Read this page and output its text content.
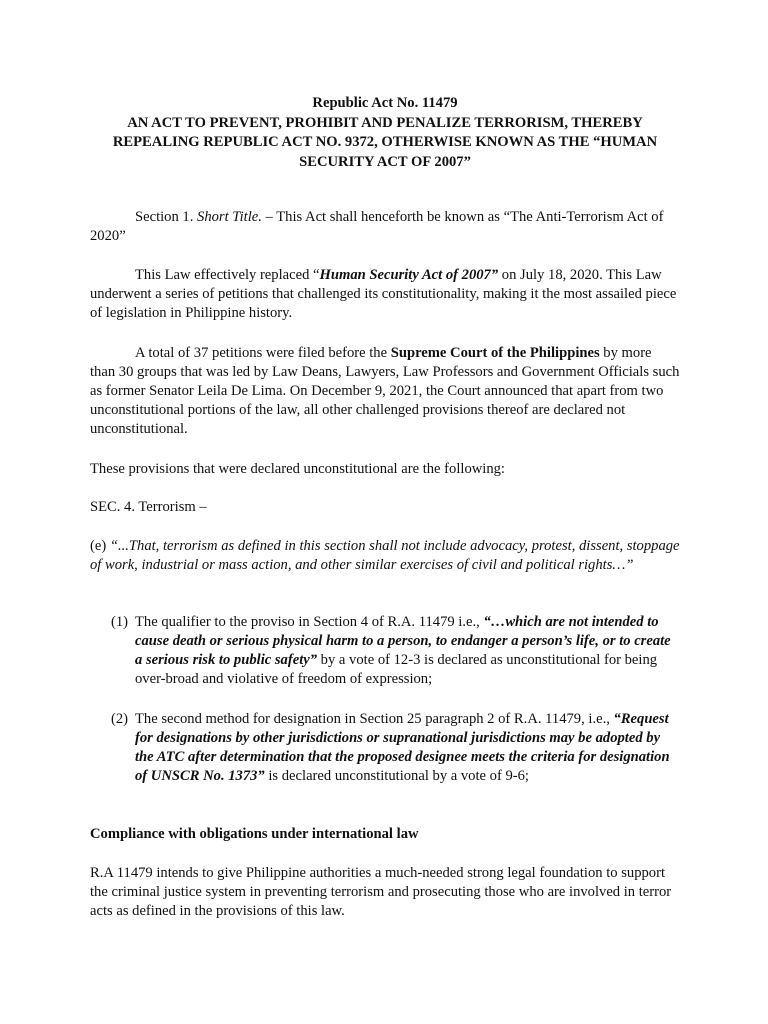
Republic Act No. 11479
AN ACT TO PREVENT, PROHIBIT AND PENALIZE TERRORISM, THEREBY
REPEALING REPUBLIC ACT NO. 9372, OTHERWISE KNOWN AS THE “HUMAN
SECURITY ACT OF 2007”

Section 1. Short Title. – This Act shall henceforth be known as “The Anti-Terrorism Act of 2020”

This Law effectively replaced “Human Security Act of 2007” on July 18, 2020. This Law underwent a series of petitions that challenged its constitutionality, making it the most assailed piece of legislation in Philippine history.

A total of 37 petitions were filed before the Supreme Court of the Philippines by more than 30 groups that was led by Law Deans, Lawyers, Law Professors and Government Officials such as former Senator Leila De Lima. On December 9, 2021, the Court announced that apart from two unconstitutional portions of the law, all other challenged provisions thereof are declared not unconstitutional.

These provisions that were declared unconstitutional are the following:

SEC. 4. Terrorism –

(e) “...That, terrorism as defined in this section shall not include advocacy, protest, dissent, stoppage of work, industrial or mass action, and other similar exercises of civil and political rights…”

(1) The qualifier to the proviso in Section 4 of R.A. 11479 i.e., “…which are not intended to cause death or serious physical harm to a person, to endanger a person’s life, or to create a serious risk to public safety” by a vote of 12-3 is declared as unconstitutional for being over-broad and violative of freedom of expression;

(2) The second method for designation in Section 25 paragraph 2 of R.A. 11479, i.e., “Request for designations by other jurisdictions or supranational jurisdictions may be adopted by the ATC after determination that the proposed designee meets the criteria for designation of UNSCR No. 1373” is declared unconstitutional by a vote of 9-6;

Compliance with obligations under international law

R.A 11479 intends to give Philippine authorities a much-needed strong legal foundation to support the criminal justice system in preventing terrorism and prosecuting those who are involved in terror acts as defined in the provisions of this law.
